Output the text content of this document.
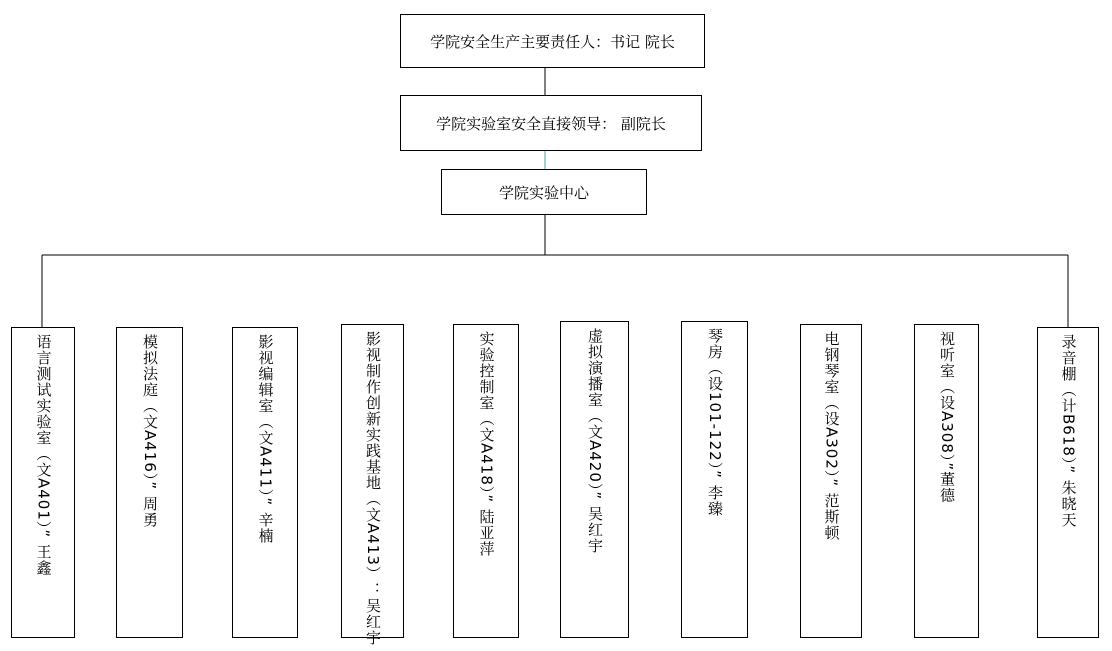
学院安全生产主要责任人：书记 院长
学院实验室安全直接领导： 副院长
学院实验中心
语言测试实验室（文A401）” 王鑫	模拟法庭（文A416）” 周勇	影视编辑室（文A411）” 辛楠	影视制作创新实践基地（文A413）：吴红宇	实验控制室（文A418）” 陆亚萍	虚拟演播室（文A420）” 吴红宇	琴房（设101-122）” 李臻	电钢琴室（设A302）” 范斯顿	视听室（设A308）”董德	录音棚（计B618）” 朱晓天
